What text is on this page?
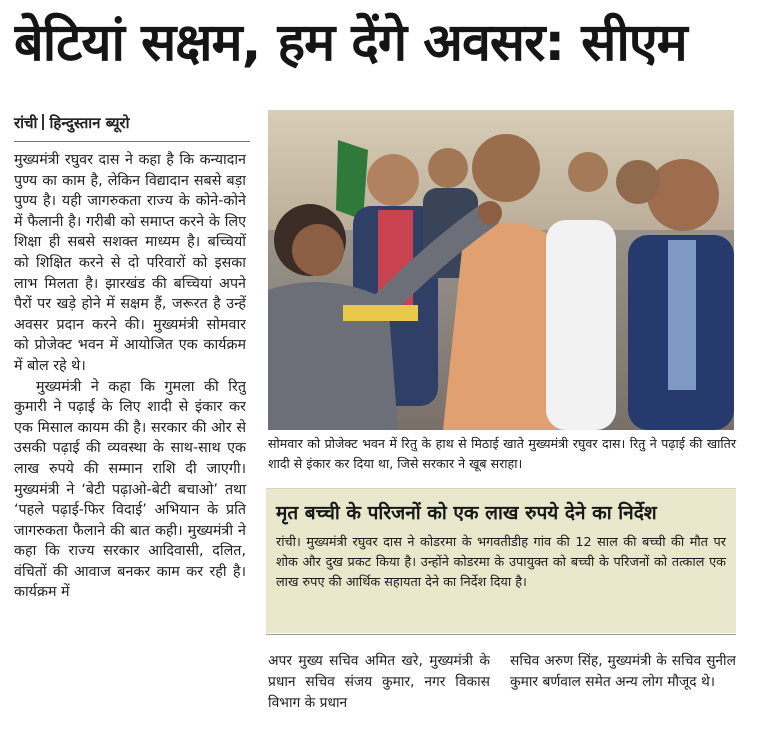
बेटियां सक्षम, हम देंगे अवसर: सीएम
रांची हिन्दुस्तान ब्यूरो

मुख्यमंत्री रघुवर दास ने कहा है कि कन्यादान पुण्य का काम है, लेकिन विद्यादान सबसे बड़ा पुण्य है। यही जागरुकता राज्य के कोने-कोने में फैलानी है। गरीबी को समाप्त करने के लिए शिक्षा ही सबसे सशक्त माध्यम है। बच्चियों को शिक्षित करने से दो परिवारों को इसका लाभ मिलता है। झारखंड की बच्चियां अपने पैरों पर खड़े होने में सक्षम हैं, जरूरत है उन्हें अवसर प्रदान करने की। मुख्यमंत्री सोमवार को प्रोजेक्ट भवन में आयोजित एक कार्यक्रम में बोल रहे थे।

मुख्यमंत्री ने कहा कि गुमला की रितु कुमारी ने पढ़ाई के लिए शादी से इंकार कर एक मिसाल कायम की है। सरकार की ओर से उसकी पढ़ाई की व्यवस्था के साथ-साथ एक लाख रुपये की सम्मान राशि दी जाएगी। मुख्यमंत्री ने ‘बेटी पढ़ाओ-बेटी बचाओ’ तथा ‘पहले पढ़ाई-फिर विदाई’ अभियान के प्रति जागरुकता फैलाने की बात कही। मुख्यमंत्री ने कहा कि राज्य सरकार आदिवासी, दलित, वंचितों की आवाज बनकर काम कर रही है। कार्यक्रम में

सोमवार को प्रोजेक्ट भवन में रितु के हाथ से मिठाई खाते मुख्यमंत्री रघुवर दास। रितु ने पढ़ाई की खातिर शादी से इंकार कर दिया था, जिसे सरकार ने खूब सराहा।
मृत बच्ची के परिजनों को एक लाख रुपये देने का निर्देश
रांची। मुख्यमंत्री रघुवर दास ने कोडरमा के भगवतीडीह गांव की 12 साल की बच्ची की मौत पर शोक और दुख प्रकट किया है। उन्होंने कोडरमा के उपायुक्त को बच्ची के परिजनों को तत्काल एक लाख रुपए की आर्थिक सहायता देने का निर्देश दिया है।
अपर मुख्य सचिव अमित खरे, मुख्यमंत्री के प्रधान सचिव संजय कुमार, नगर विकास विभाग के प्रधान
सचिव अरुण सिंह, मुख्यमंत्री के सचिव सुनील कुमार बर्णवाल समेत अन्य लोग मौजूद थे।
